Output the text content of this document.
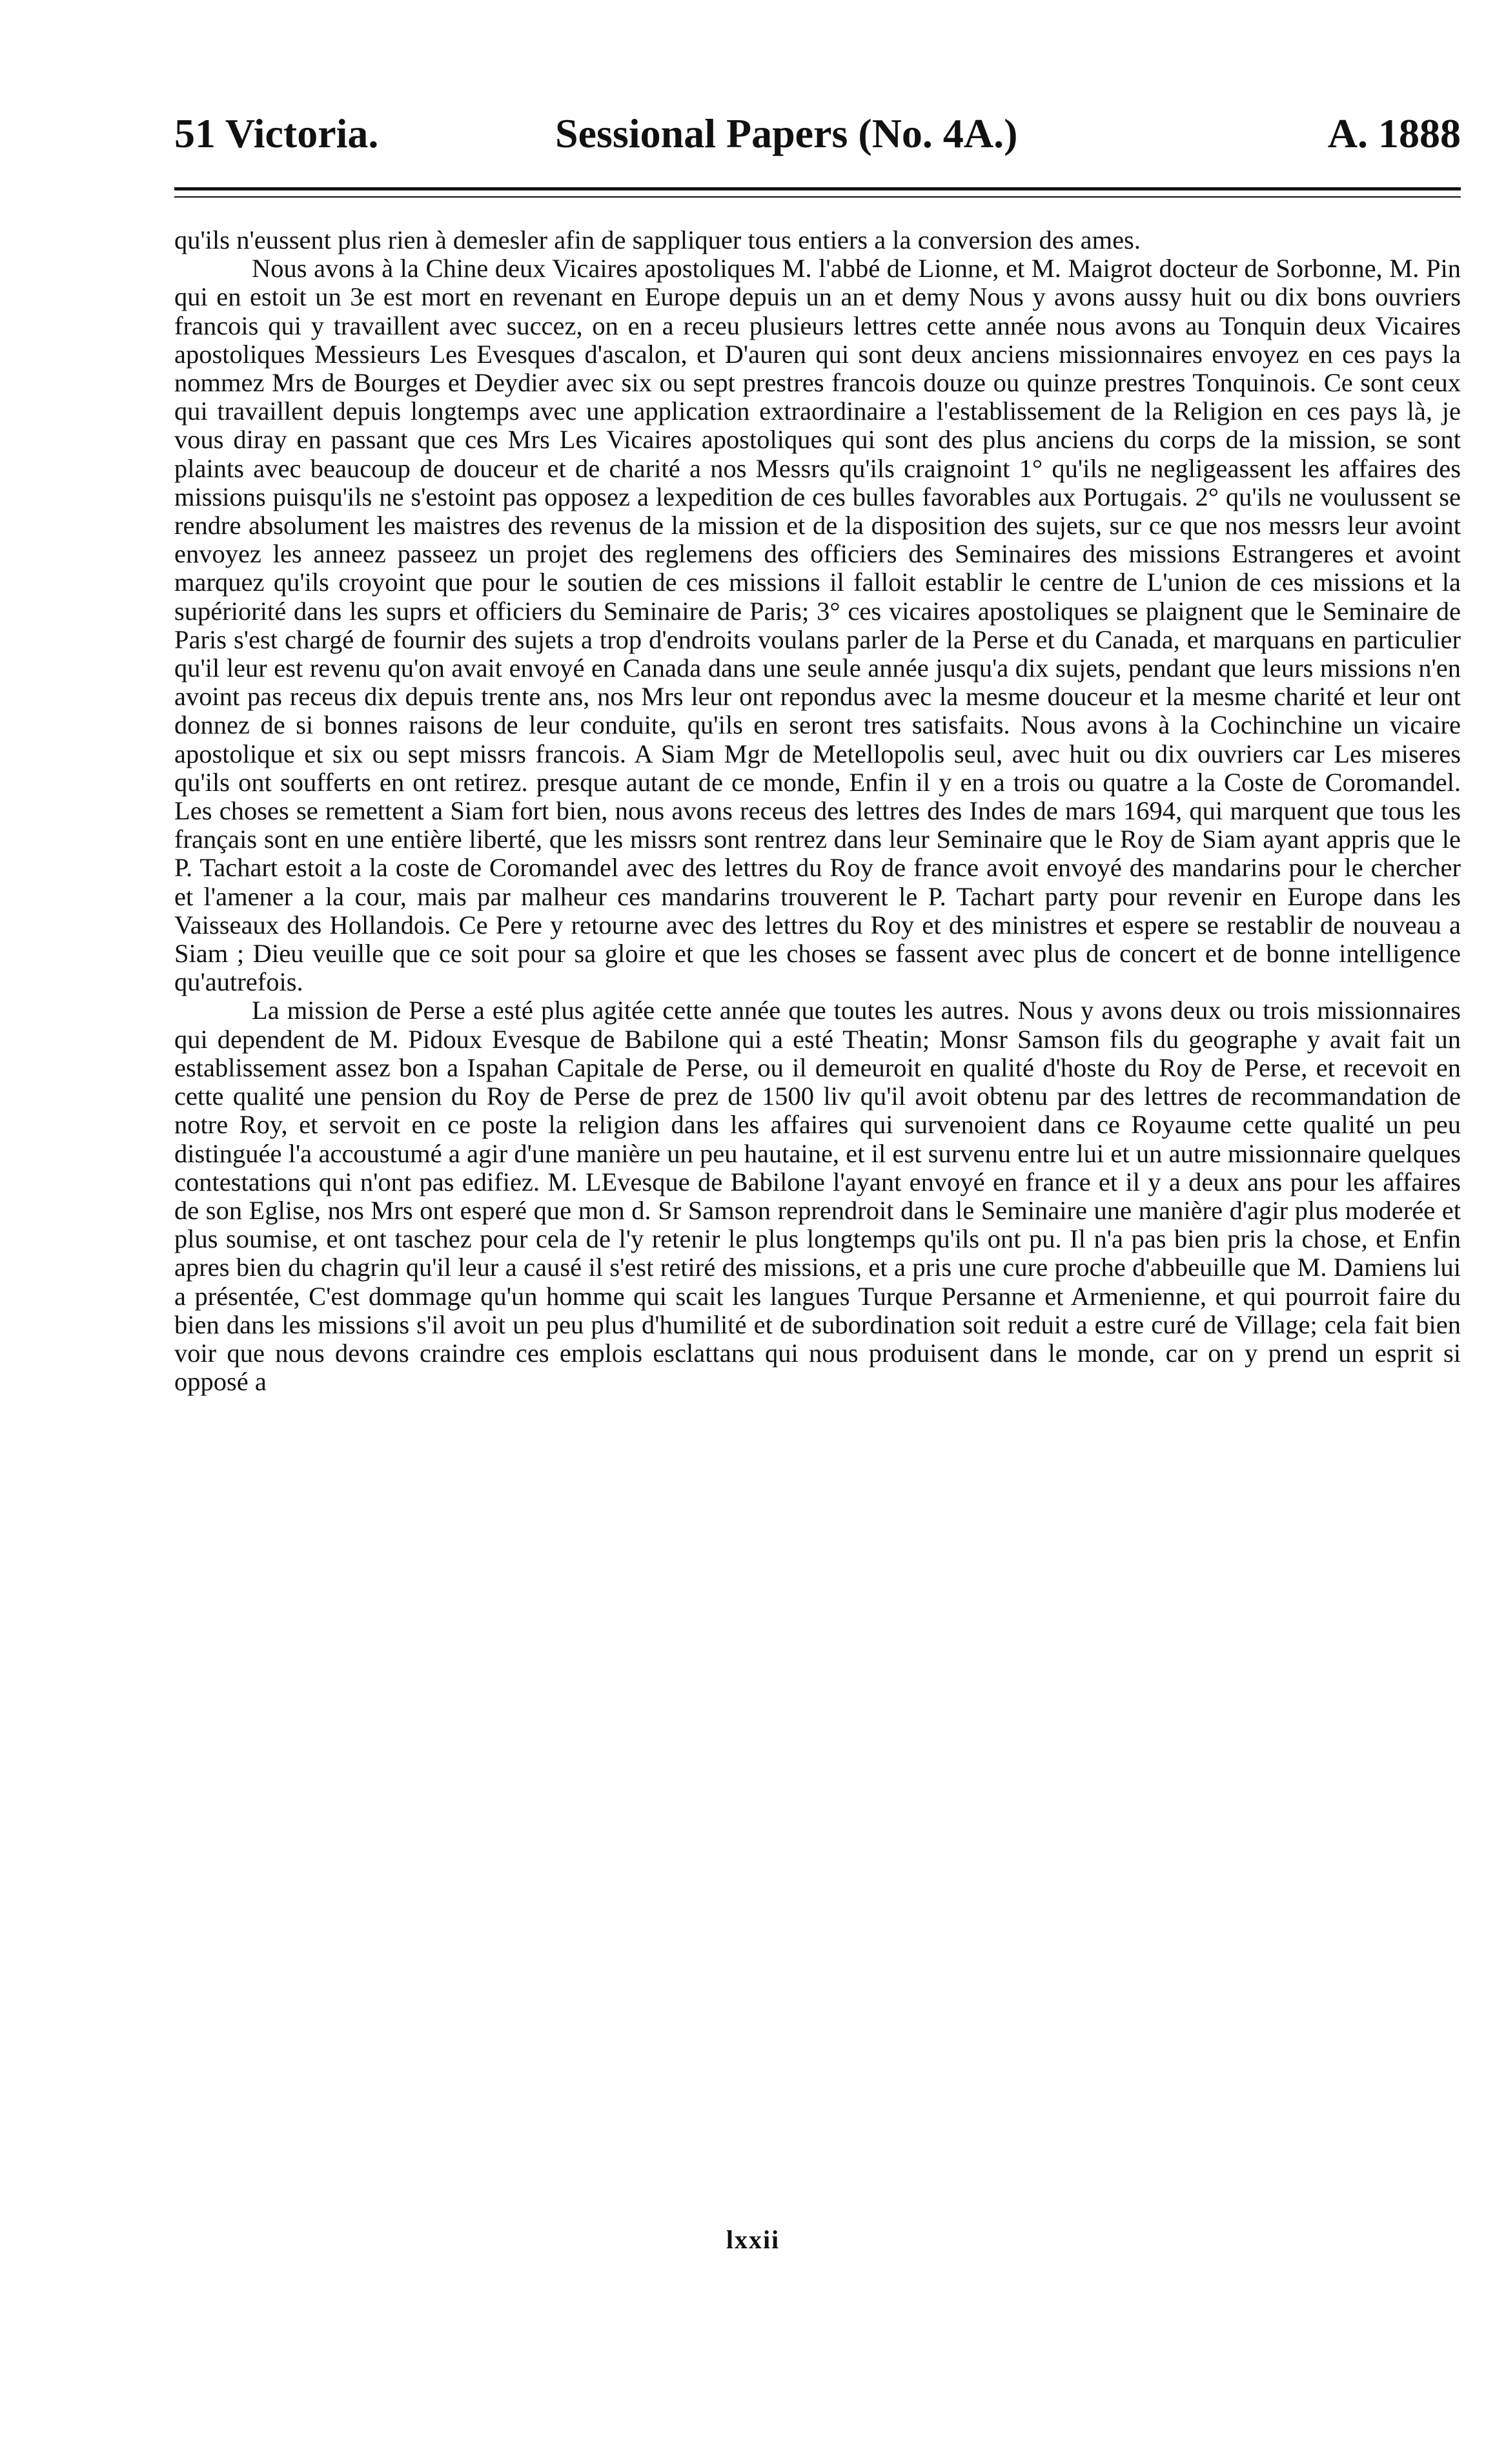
51 Victoria.	Sessional Papers (No. 4A.)	A. 1888

qu'ils n'eussent plus rien à demesler afin de sappliquer tous entiers a la conversion des ames.

Nous avons à la Chine deux Vicaires apostoliques M. l'abbé de Lionne, et M. Maigrot docteur de Sorbonne, M. Pin qui en estoit un 3e est mort en revenant en Europe depuis un an et demy Nous y avons aussy huit ou dix bons ouvriers francois qui y travaillent avec succez, on en a receu plusieurs lettres cette année nous avons au Tonquin deux Vicaires apostoliques Messieurs Les Evesques d'ascalon, et D'auren qui sont deux anciens missionnaires envoyez en ces pays la nommez Mrs de Bourges et Deydier avec six ou sept prestres francois douze ou quinze prestres Tonquinois. Ce sont ceux qui travaillent depuis longtemps avec une application extraordinaire a l'establissement de la Religion en ces pays là, je vous diray en passant que ces Mrs Les Vicaires apostoliques qui sont des plus anciens du corps de la mission, se sont plaints avec beaucoup de douceur et de charité a nos Messrs qu'ils craignoint 1° qu'ils ne negligeassent les affaires des missions puisqu'ils ne s'estoint pas opposez a lexpedition de ces bulles favorables aux Portugais. 2° qu'ils ne voulussent se rendre absolument les maistres des revenus de la mission et de la disposition des sujets, sur ce que nos messrs leur avoint envoyez les anneez passeez un projet des reglemens des officiers des Seminaires des missions Estrangeres et avoint marquez qu'ils croyoint que pour le soutien de ces missions il falloit establir le centre de L'union de ces missions et la supériorité dans les suprs et officiers du Seminaire de Paris; 3° ces vicaires apostoliques se plaignent que le Seminaire de Paris s'est chargé de fournir des sujets a trop d'endroits voulans parler de la Perse et du Canada, et marquans en particulier qu'il leur est revenu qu'on avait envoyé en Canada dans une seule année jusqu'a dix sujets, pendant que leurs missions n'en avoint pas receus dix depuis trente ans, nos Mrs leur ont repondus avec la mesme douceur et la mesme charité et leur ont donnez de si bonnes raisons de leur conduite, qu'ils en seront tres satisfaits. Nous avons à la Cochinchine un vicaire apostolique et six ou sept missrs francois. A Siam Mgr de Metellopolis seul, avec huit ou dix ouvriers car Les miseres qu'ils ont soufferts en ont retirez. presque autant de ce monde, Enfin il y en a trois ou quatre a la Coste de Coromandel. Les choses se remettent a Siam fort bien, nous avons receus des lettres des Indes de mars 1694, qui marquent que tous les français sont en une entière liberté, que les missrs sont rentrez dans leur Seminaire que le Roy de Siam ayant appris que le P. Tachart estoit a la coste de Coromandel avec des lettres du Roy de france avoit envoyé des mandarins pour le chercher et l'amener a la cour, mais par malheur ces mandarins trouverent le P. Tachart party pour revenir en Europe dans les Vaisseaux des Hollandois. Ce Pere y retourne avec des lettres du Roy et des ministres et espere se restablir de nouveau a Siam ; Dieu veuille que ce soit pour sa gloire et que les choses se fassent avec plus de concert et de bonne intelligence qu'autrefois.

La mission de Perse a esté plus agitée cette année que toutes les autres. Nous y avons deux ou trois missionnaires qui dependent de M. Pidoux Evesque de Babilone qui a esté Theatin; Monsr Samson fils du geographe y avait fait un establissement assez bon a Ispahan Capitale de Perse, ou il demeuroit en qualité d'hoste du Roy de Perse, et recevoit en cette qualité une pension du Roy de Perse de prez de 1500 liv qu'il avoit obtenu par des lettres de recommandation de notre Roy, et servoit en ce poste la religion dans les affaires qui survenoient dans ce Royaume cette qualité un peu distinguée l'a accoustumé a agir d'une manière un peu hautaine, et il est survenu entre lui et un autre missionnaire quelques contestations qui n'ont pas edifiez. M. LEvesque de Babilone l'ayant envoyé en france et il y a deux ans pour les affaires de son Eglise, nos Mrs ont esperé que mon d. Sr Samson reprendroit dans le Seminaire une manière d'agir plus moderée et plus soumise, et ont taschez pour cela de l'y retenir le plus longtemps qu'ils ont pu. Il n'a pas bien pris la chose, et Enfin apres bien du chagrin qu'il leur a causé il s'est retiré des missions, et a pris une cure proche d'abbeuille que M. Damiens lui a présentée, C'est dommage qu'un homme qui scait les langues Turque Persanne et Armenienne, et qui pourroit faire du bien dans les missions s'il avoit un peu plus d'humilité et de subordination soit reduit a estre curé de Village; cela fait bien voir que nous devons craindre ces emplois esclattans qui nous produisent dans le monde, car on y prend un esprit si opposé a

lxxii
